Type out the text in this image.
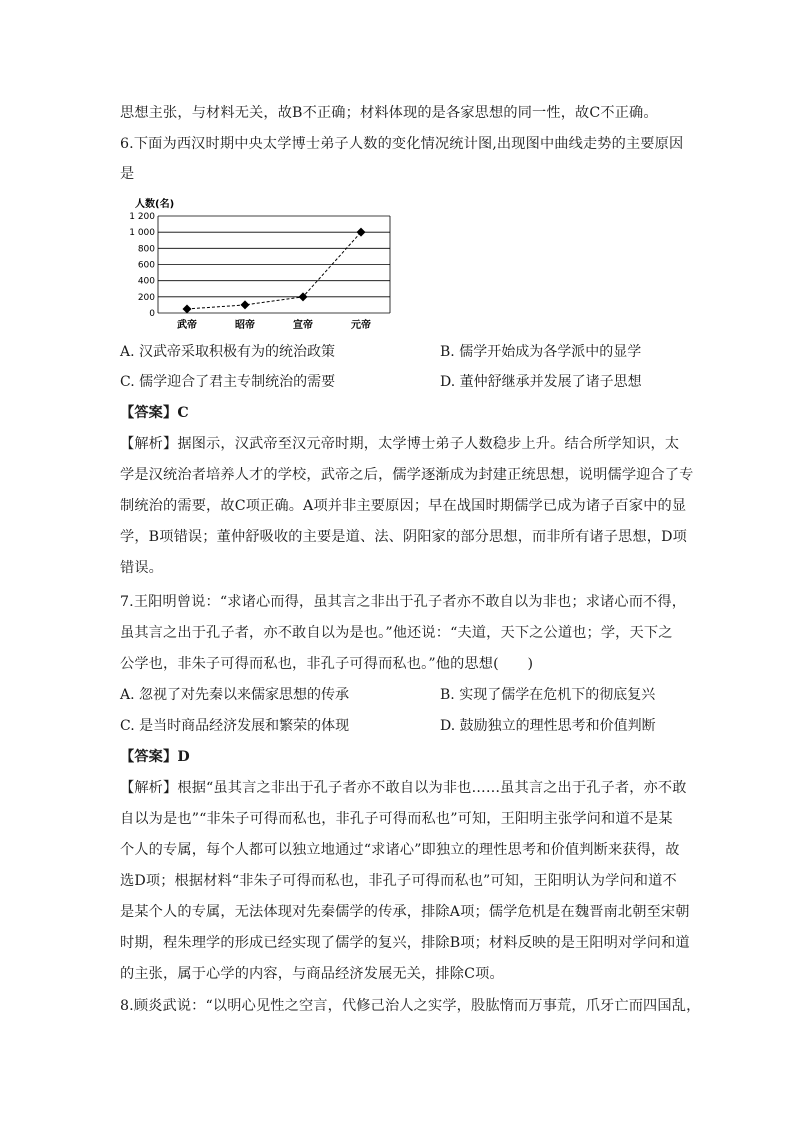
思想主张，与材料无关，故B不正确；材料体现的是各家思想的同一性，故C不正确。
6.下面为西汉时期中央太学博士弟子人数的变化情况统计图,出现图中曲线走势的主要原因
是
人数(名)
0
200
400
600
800
1 000
1 200
武帝	昭帝	宣帝	元帝
A. 汉武帝采取积极有为的统治政策	B. 儒学开始成为各学派中的显学
C. 儒学迎合了君主专制统治的需要	D. 董仲舒继承并发展了诸子思想
【答案】C
【解析】据图示，汉武帝至汉元帝时期，太学博士弟子人数稳步上升。结合所学知识，太
学是汉统治者培养人才的学校，武帝之后，儒学逐渐成为封建正统思想，说明儒学迎合了专
制统治的需要，故C项正确。A项并非主要原因；早在战国时期儒学已成为诸子百家中的显
学，B项错误；董仲舒吸收的主要是道、法、阴阳家的部分思想，而非所有诸子思想，D项
错误。
7.王阳明曾说：“求诸心而得，虽其言之非出于孔子者亦不敢自以为非也；求诸心而不得，
虽其言之出于孔子者，亦不敢自以为是也。”他还说：“夫道，天下之公道也；学，天下之
公学也，非朱子可得而私也，非孔子可得而私也。”他的思想(　　)
A. 忽视了对先秦以来儒家思想的传承	B. 实现了儒学在危机下的彻底复兴
C. 是当时商品经济发展和繁荣的体现	D. 鼓励独立的理性思考和价值判断
【答案】D
【解析】根据“虽其言之非出于孔子者亦不敢自以为非也……虽其言之出于孔子者，亦不敢
自以为是也”“非朱子可得而私也，非孔子可得而私也”可知，王阳明主张学问和道不是某
个人的专属，每个人都可以独立地通过“求诸心”即独立的理性思考和价值判断来获得，故
选D项；根据材料“非朱子可得而私也，非孔子可得而私也”可知，王阳明认为学问和道不
是某个人的专属，无法体现对先秦儒学的传承，排除A项；儒学危机是在魏晋南北朝至宋朝
时期，程朱理学的形成已经实现了儒学的复兴，排除B项；材料反映的是王阳明对学问和道
的主张，属于心学的内容，与商品经济发展无关，排除C项。
8.顾炎武说：“以明心见性之空言，代修己治人之实学，股肱惰而万事荒，爪牙亡而四国乱，
